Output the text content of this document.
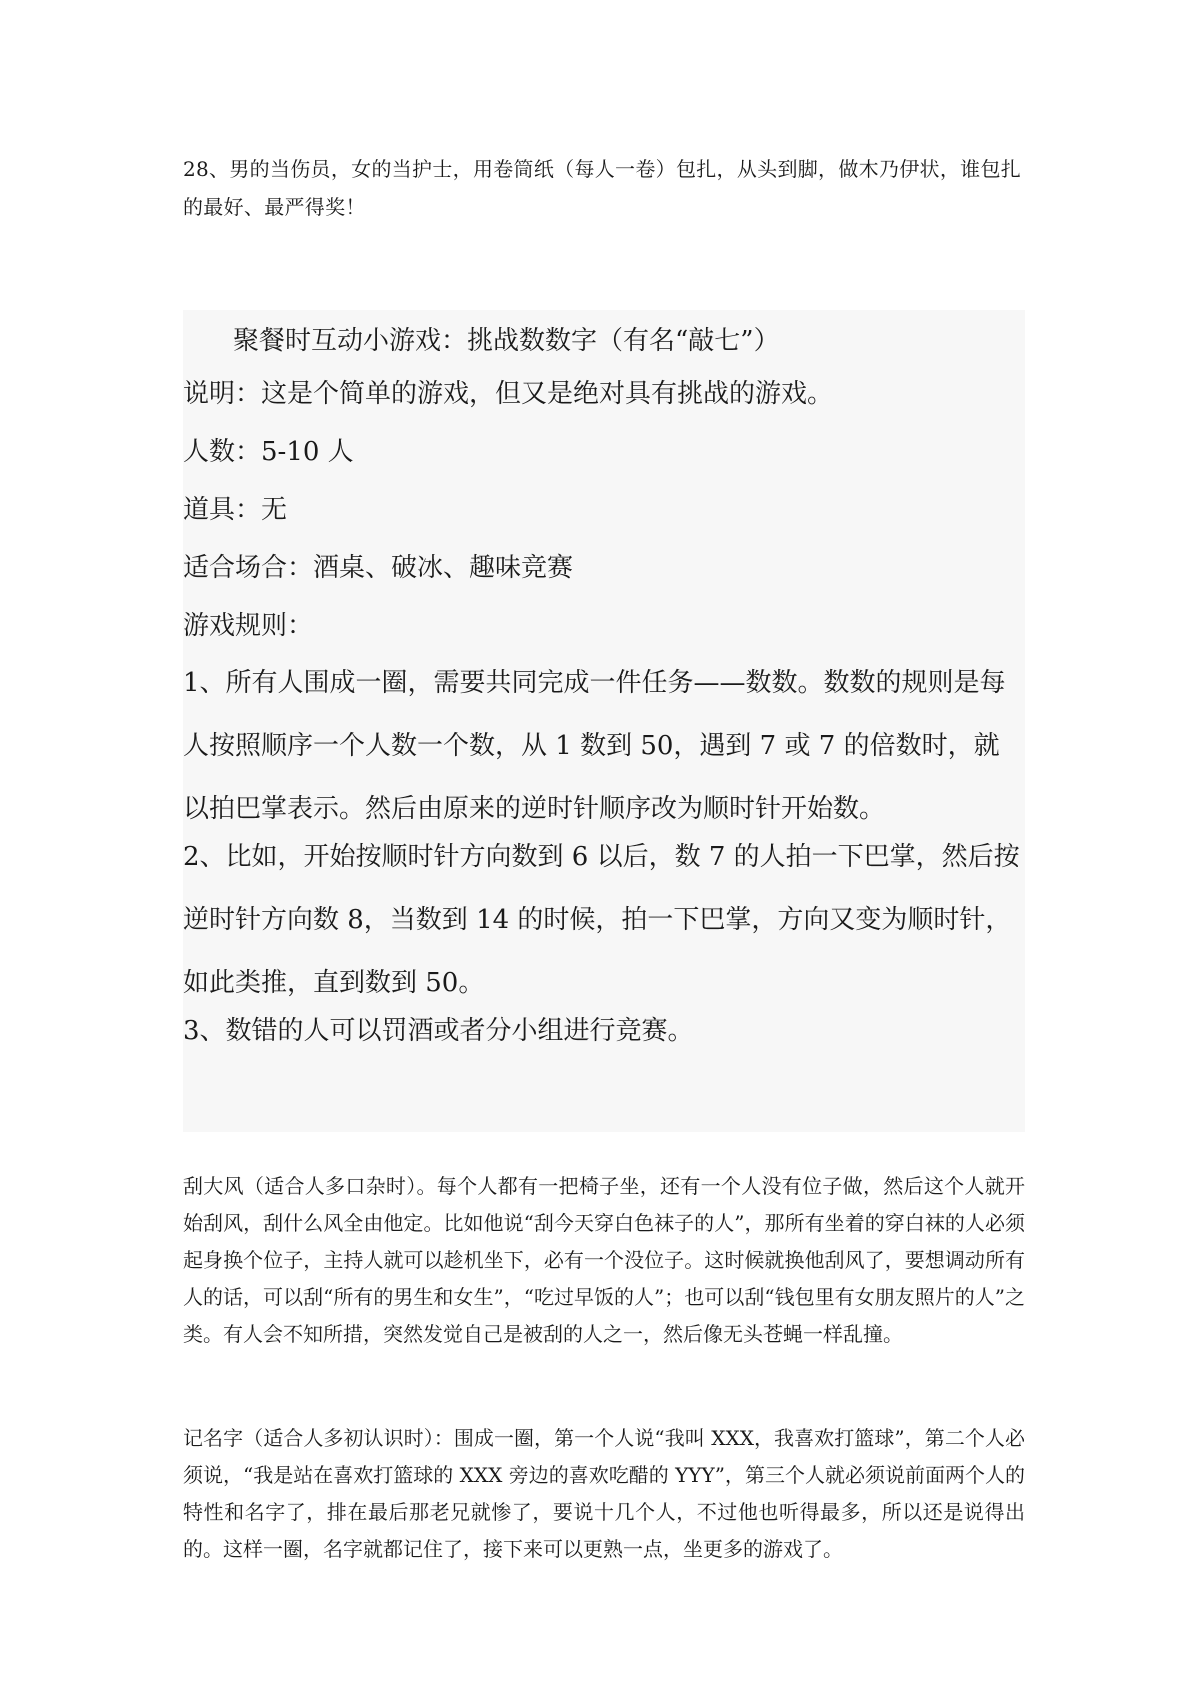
28、男的当伤员，女的当护士，用卷筒纸（每人一卷）包扎，从头到脚，做木乃伊状，谁包扎的最好、最严得奖！

聚餐时互动小游戏：挑战数数字（有名“敲七”）

说明：这是个简单的游戏，但又是绝对具有挑战的游戏。

人数：5-10 人

道具：无

适合场合：酒桌、破冰、趣味竞赛

游戏规则：

1、所有人围成一圈，需要共同完成一件任务——数数。数数的规则是每人按照顺序一个人数一个数，从 1 数到 50，遇到 7 或 7 的倍数时，就以拍巴掌表示。然后由原来的逆时针顺序改为顺时针开始数。

2、比如，开始按顺时针方向数到 6 以后，数 7 的人拍一下巴掌，然后按逆时针方向数 8，当数到 14 的时候，拍一下巴掌，方向又变为顺时针，如此类推，直到数到 50。

3、数错的人可以罚酒或者分小组进行竞赛。

刮大风（适合人多口杂时）。每个人都有一把椅子坐，还有一个人没有位子做，然后这个人就开始刮风，刮什么风全由他定。比如他说“刮今天穿白色袜子的人”，那所有坐着的穿白袜的人必须起身换个位子，主持人就可以趁机坐下，必有一个没位子。这时候就换他刮风了，要想调动所有人的话，可以刮“所有的男生和女生”，“吃过早饭的人”；也可以刮“钱包里有女朋友照片的人”之类。有人会不知所措，突然发觉自己是被刮的人之一，然后像无头苍蝇一样乱撞。

记名字（适合人多初认识时）：围成一圈，第一个人说“我叫 XXX，我喜欢打篮球”，第二个人必须说，“我是站在喜欢打篮球的 XXX 旁边的喜欢吃醋的 YYY”，第三个人就必须说前面两个人的特性和名字了，排在最后那老兄就惨了，要说十几个人，不过他也听得最多，所以还是说得出的。这样一圈，名字就都记住了，接下来可以更熟一点，坐更多的游戏了。
